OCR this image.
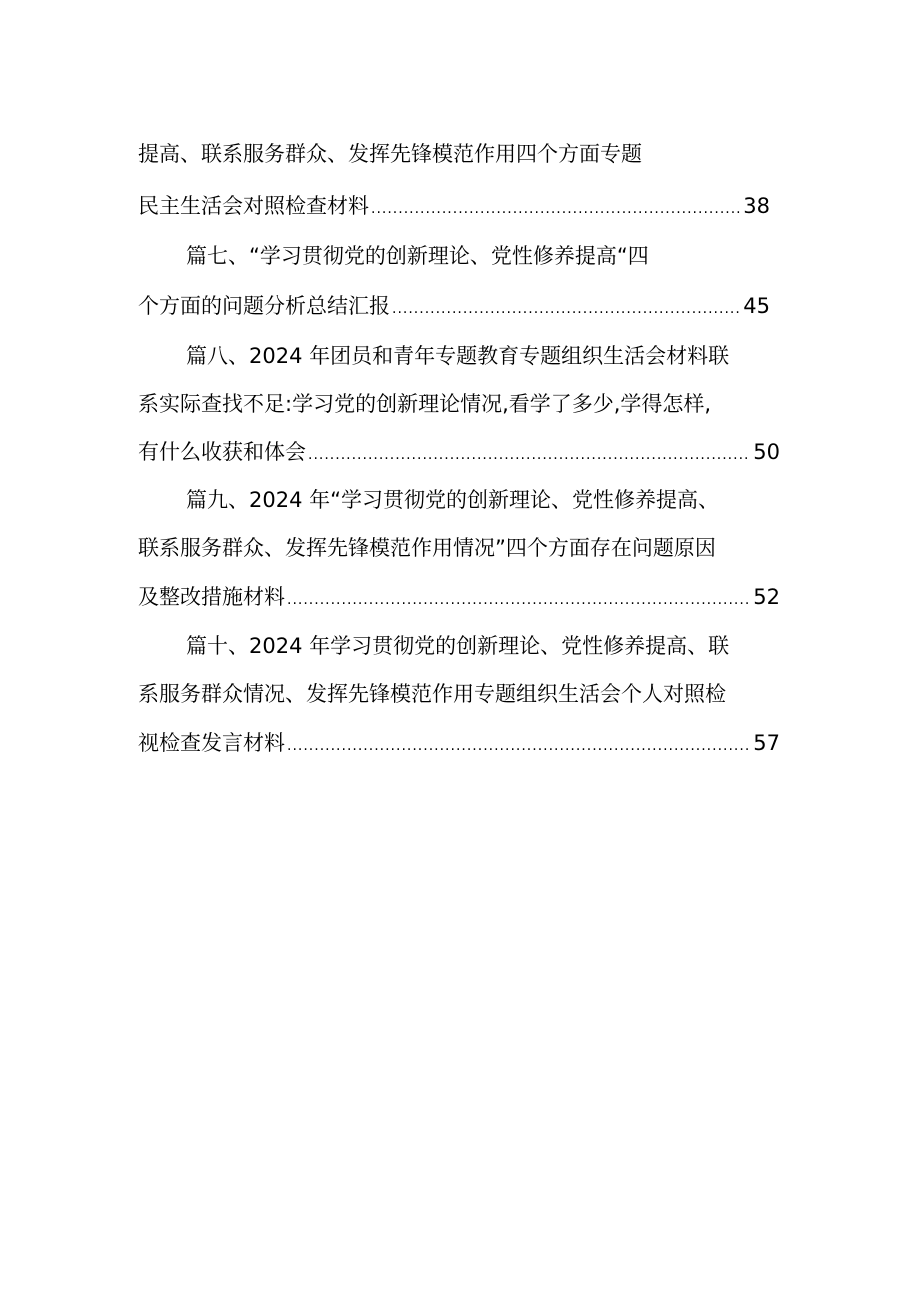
提高、联系服务群众、发挥先锋模范作用四个方面专题
民主生活会对照检查材料 .....	38
篇七、“学习贯彻党的创新理论、党性修养提高“四
个方面的问题分析总结汇报 .....	45
篇八、2024 年团员和青年专题教育专题组织生活会材料联
系实际查找不足:学习党的创新理论情况,看学了多少,学得怎样,
有什么收获和体会 .....	50
篇九、2024 年“学习贯彻党的创新理论、党性修养提高、
联系服务群众、发挥先锋模范作用情况”四个方面存在问题原因
及整改措施材料 .....	52
篇十、2024 年学习贯彻党的创新理论、党性修养提高、联
系服务群众情况、发挥先锋模范作用专题组织生活会个人对照检
视检查发言材料 .....	57
